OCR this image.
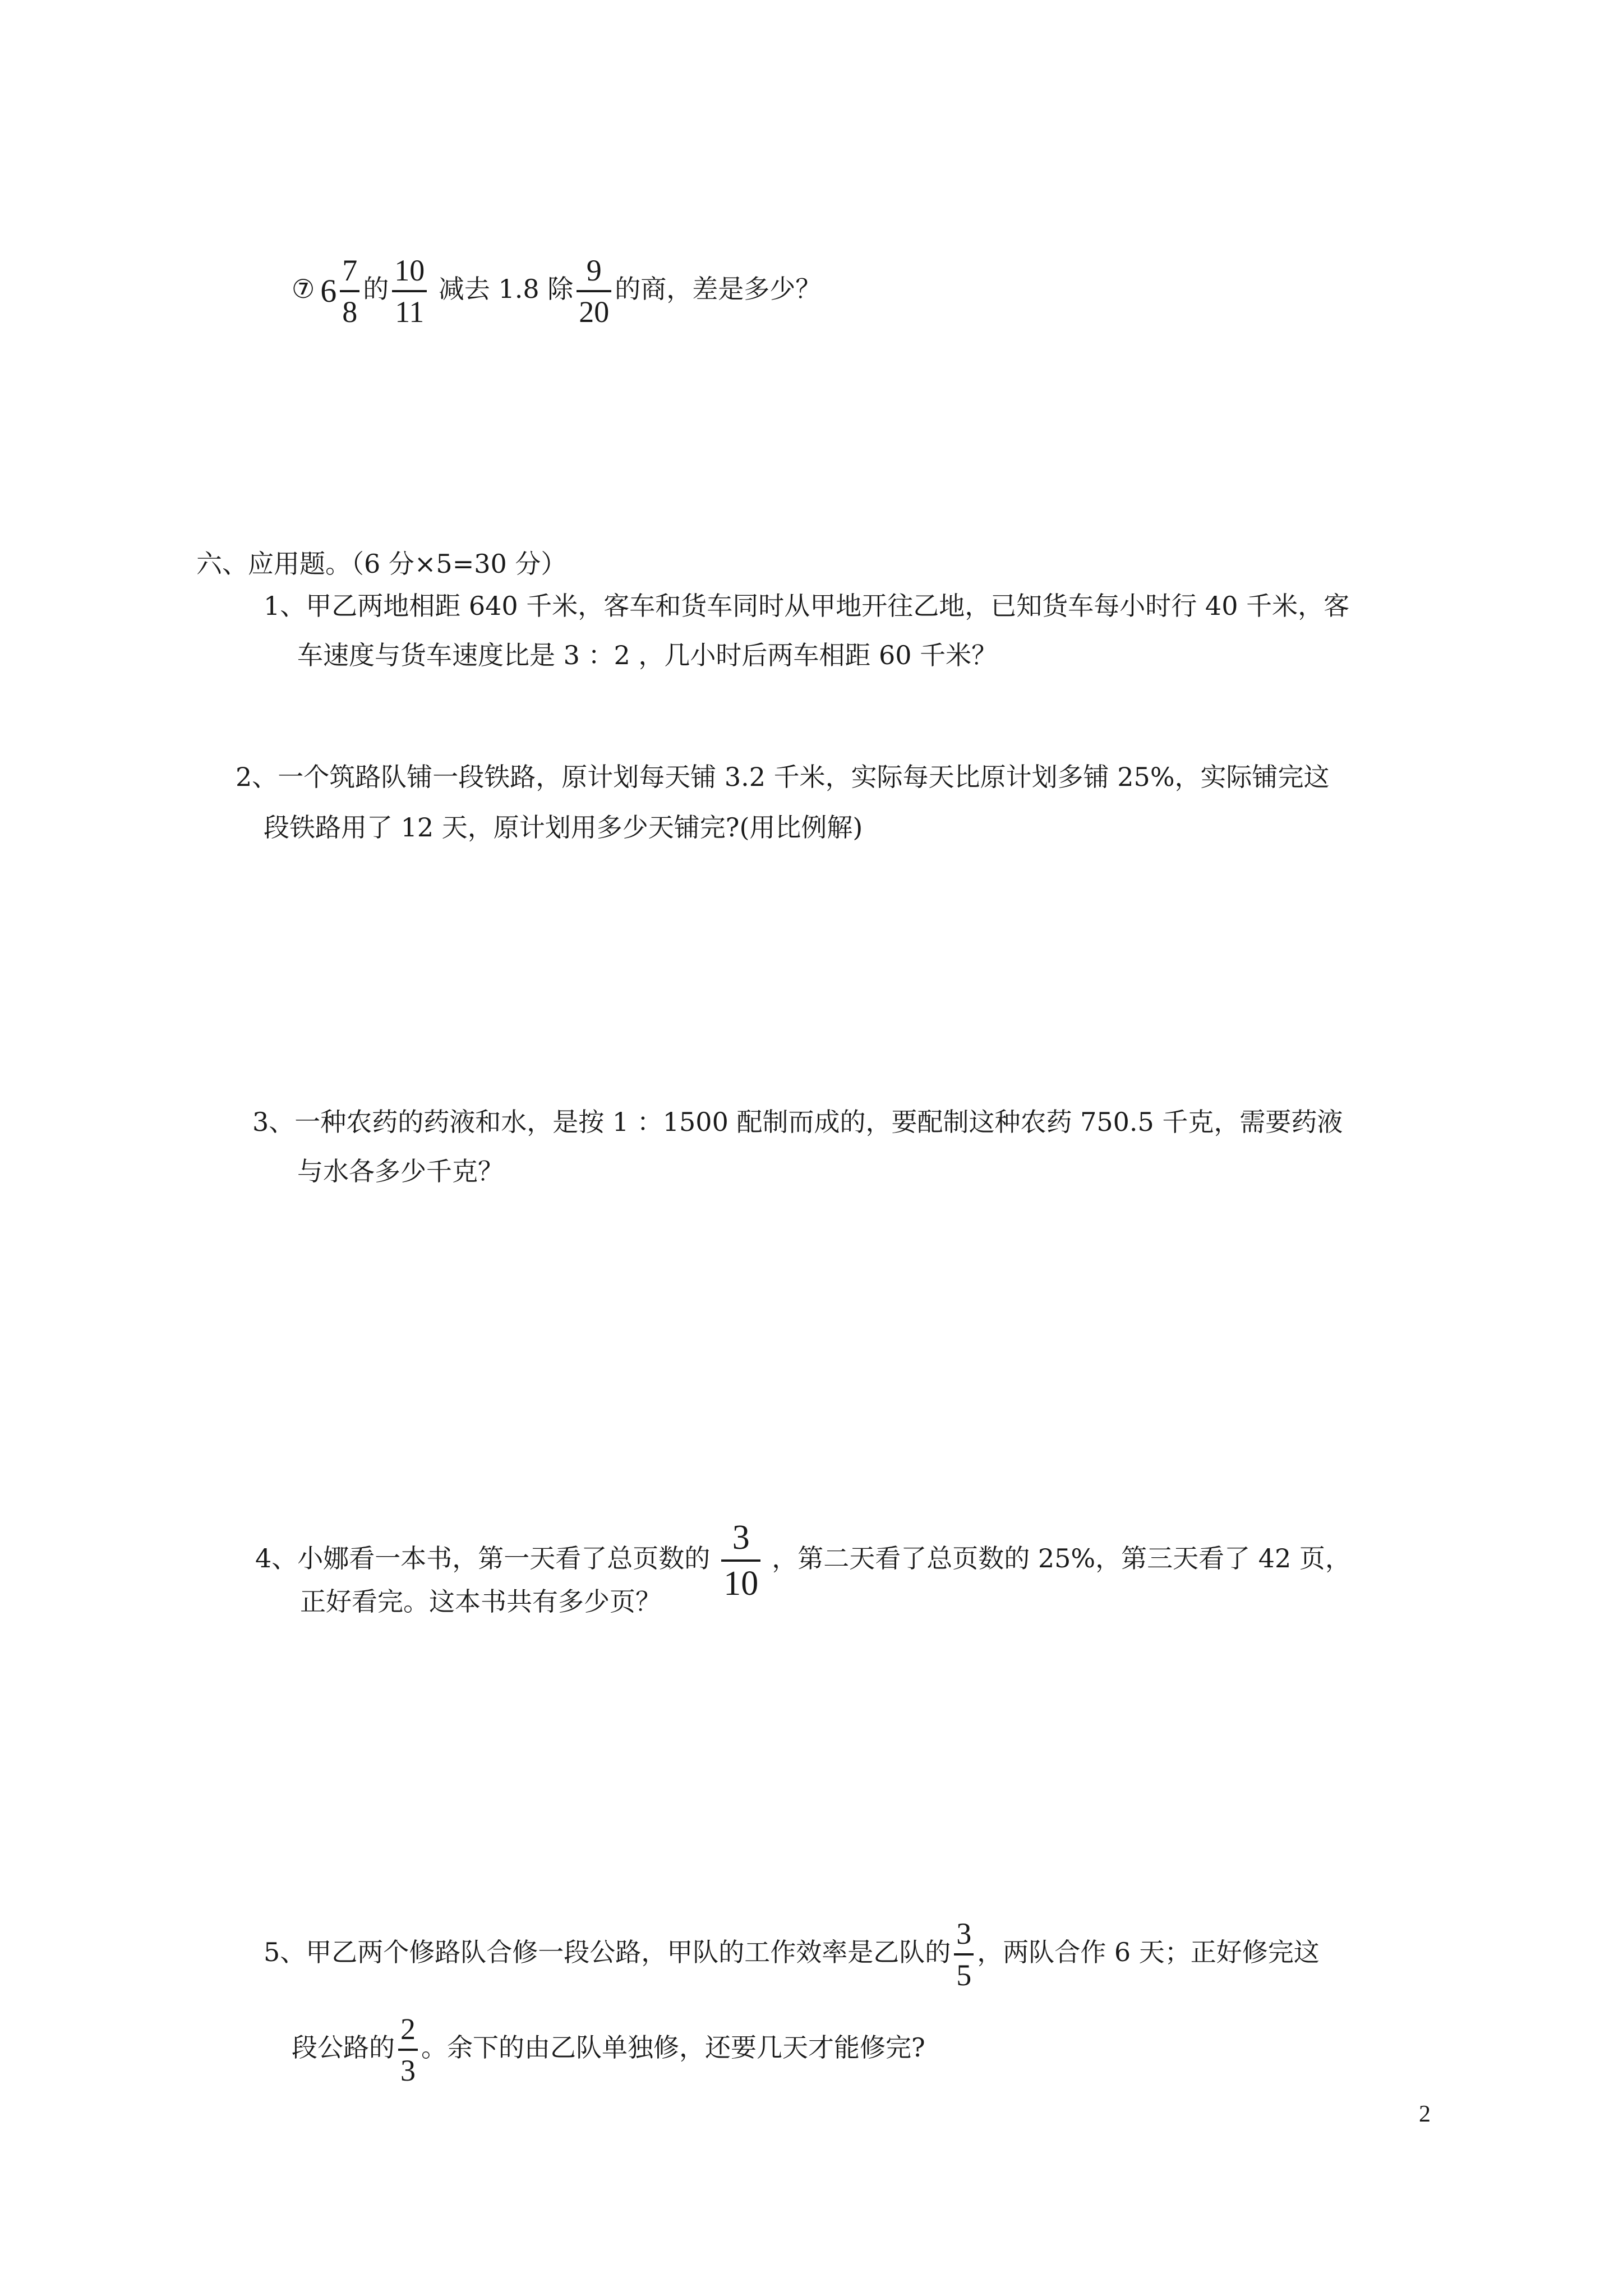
⑦ $6 \frac{7}{8}$ 的 $\frac{10}{11}$ 减去 1.8 除 $\frac{9}{20}$ 的商，差是多少？
六、应用题。（6 分×5=30 分）
1、甲乙两地相距 640 千米，客车和货车同时从甲地开往乙地，已知货车每小时行 40 千米，客
车速度与货车速度比是 3 ：2 ，几小时后两车相距 60 千米？
2、一个筑路队铺一段铁路，原计划每天铺 3.2 千米，实际每天比原计划多铺 25%，实际铺完这
段铁路用了 12 天，原计划用多少天铺完?(用比例解)
3、一种农药的药液和水，是按 1 ：1500 配制而成的，要配制这种农药 750.5 千克，需要药液
与水各多少千克？
4、小娜看一本书，第一天看了总页数的 $\frac{3}{10}$ ，第二天看了总页数的 25%，第三天看了 42 页，
正好看完。这本书共有多少页？
5、甲乙两个修路队合修一段公路，甲队的工作效率是乙队的 $\frac{3}{5}$ ，两队合作 6 天；正好修完这
段公路的 $\frac{2}{3}$ 。余下的由乙队单独修，还要几天才能修完?
2
